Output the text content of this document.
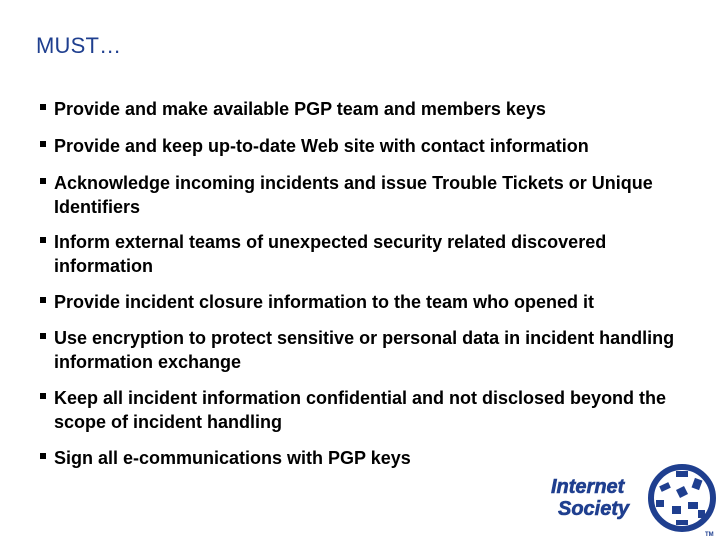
MUST…
Provide and make available PGP team and members keys
Provide and keep up-to-date Web site with contact information
Acknowledge incoming incidents and issue Trouble Tickets or Unique Identifiers
Inform external teams of unexpected security related discovered information
Provide incident closure information to the team who opened it
Use encryption to protect sensitive or personal data in incident handling information exchange
Keep all incident information confidential and not disclosed beyond the scope of incident handling
Sign all e-communications with PGP keys
Internet
Society
TM
